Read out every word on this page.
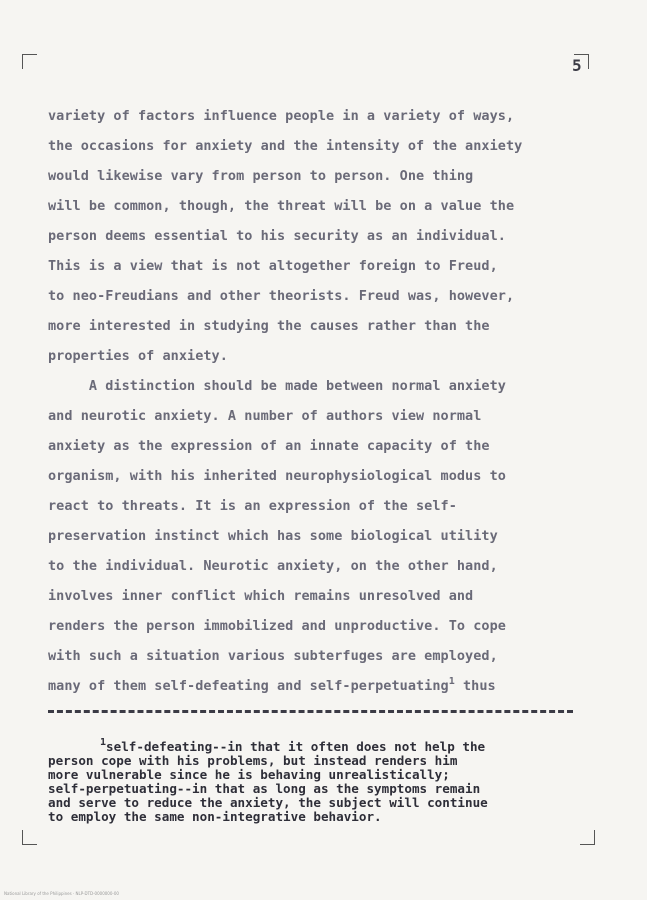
5
variety of factors influence people in a variety of ways,
the occasions for anxiety and the intensity of the anxiety
would likewise vary from person to person. One thing
will be common, though, the threat will be on a value the
person deems essential to his security as an individual.
This is a view that is not altogether foreign to Freud,
to neo-Freudians and other theorists. Freud was, however,
more interested in studying the causes rather than the
properties of anxiety.
A distinction should be made between normal anxiety
and neurotic anxiety. A number of authors view normal
anxiety as the expression of an innate capacity of the
organism, with his inherited neurophysiological modus to
react to threats. It is an expression of the self-
preservation instinct which has some biological utility
to the individual. Neurotic anxiety, on the other hand,
involves inner conflict which remains unresolved and
renders the person immobilized and unproductive. To cope
with such a situation various subterfuges are employed,
many of them self-defeating and self-perpetuating$^1$ thus
$^1$self-defeating--in that it often does not help the
person cope with his problems, but instead renders him
more vulnerable since he is behaving unrealistically;
self-perpetuating--in that as long as the symptoms remain
and serve to reduce the anxiety, the subject will continue
to employ the same non-integrative behavior.
National Library of the Philippines · NLP-DTD-0000000-00
